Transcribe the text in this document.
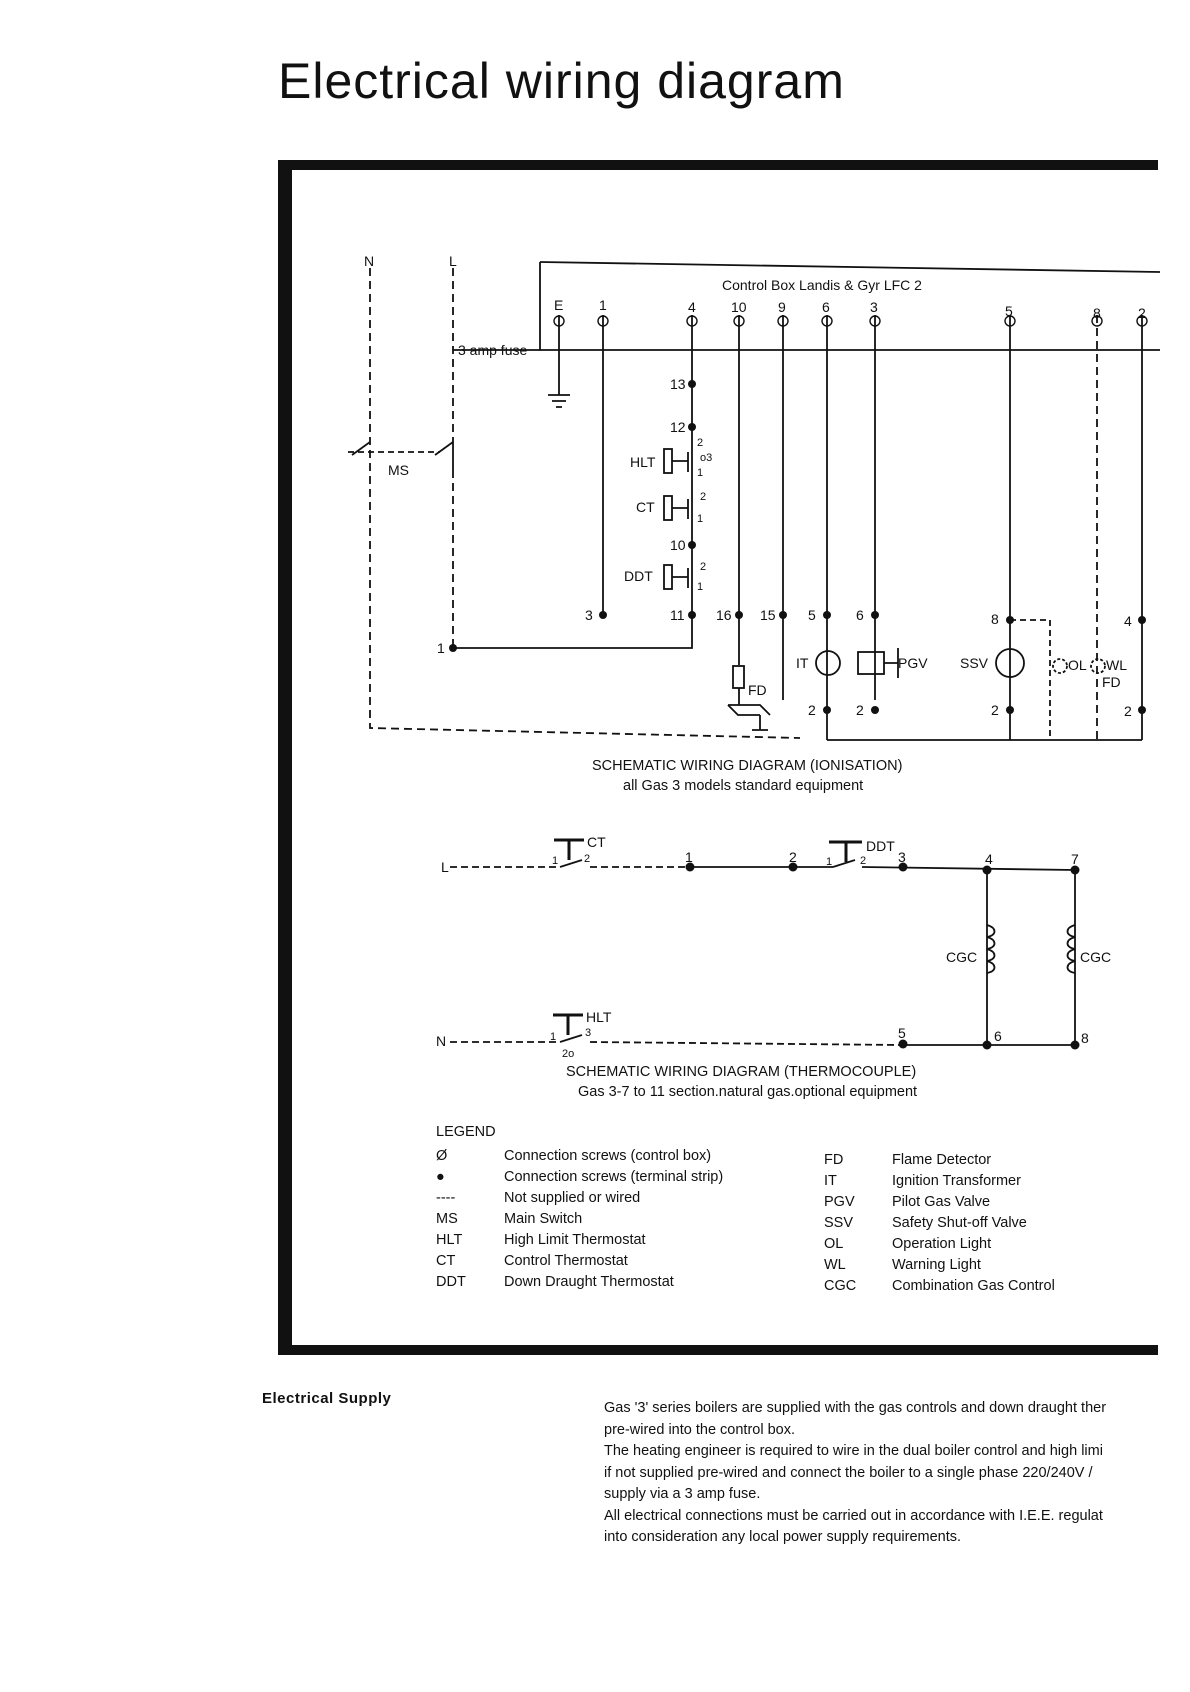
Electrical wiring diagram
N	L
3 amp fuse
MS
Control Box Landis & Gyr LFC 2
E	1	4	10 9	6	3	5	8	2
13
12
10
11
3
1
16 15 5	6	8	4
2	2	2	2
2
o3
1
2
1
2
1
HLT
CT
DDT
FD
IT	PGV SSV	OL WL
FD
SCHEMATIC WIRING DIAGRAM (IONISATION)
all Gas 3 models standard equipment
L
N
CT	DDT
HLT
1	2	3	4	7
5	6	8
1 2	1	2
1	3
2o
CGC	CGC
SCHEMATIC WIRING DIAGRAM (THERMOCOUPLE)
Gas 3-7 to 11 section.natural gas.optional equipment
LEGEND
Ø	Connection screws (control box)
●	Connection screws (terminal strip)
----	Not supplied or wired
MS	Main Switch
HLT	High Limit Thermostat
CT	Control Thermostat
DDT	Down Draught Thermostat
FD	Flame Detector
IT	Ignition Transformer
PGV	Pilot Gas Valve
SSV	Safety Shut-off Valve
OL	Operation Light
WL	Warning Light
CGC Combination Gas Control
Electrical Supply

Gas '3' series boilers are supplied with the gas controls and down draught ther

pre-wired into the control box.

The heating engineer is required to wire in the dual boiler control and high limi

if not supplied pre-wired and connect the boiler to a single phase 220/240V /

supply via a 3 amp fuse.

All electrical connections must be carried out in accordance with I.E.E. regulat

into consideration any local power supply requirements.
